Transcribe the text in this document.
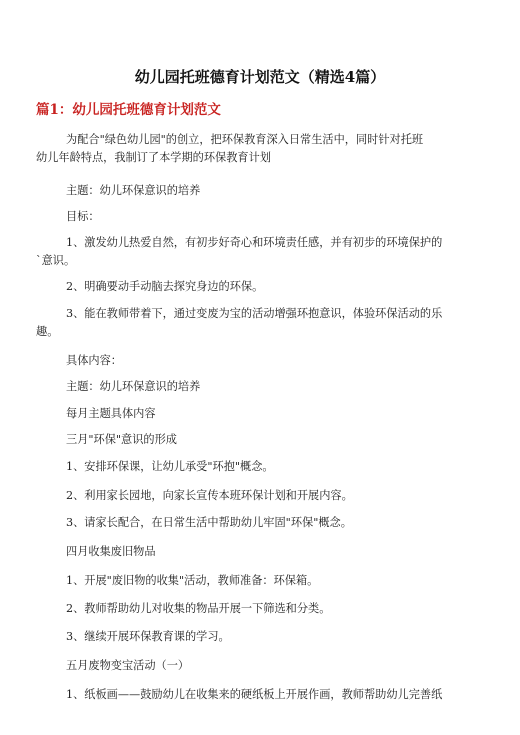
幼儿园托班德育计划范文（精选4篇）
篇1：幼儿园托班德育计划范文
为配合"绿色幼儿园"的创立，把环保教育深入日常生活中，同时针对托班
幼儿年龄特点，我制订了本学期的环保教育计划
主题：幼儿环保意识的培养
目标：
1、激发幼儿热爱自然，有初步好奇心和环境责任感，并有初步的环境保护的
`意识。
2、明确要动手动脑去探究身边的环保。
3、能在教师带着下，通过变废为宝的活动增强环抱意识，体验环保活动的乐
趣。
具体内容：
主题：幼儿环保意识的培养
每月主题具体内容
三月"环保"意识的形成
1、安排环保课，让幼儿承受"环抱"概念。
2、利用家长园地，向家长宣传本班环保计划和开展内容。
3、请家长配合，在日常生活中帮助幼儿牢固"环保"概念。
四月收集废旧物品
1、开展"废旧物的收集"活动，教师准备：环保箱。
2、教师帮助幼儿对收集的物品开展一下筛选和分类。
3、继续开展环保教育课的学习。
五月废物变宝活动（一）
1、纸板画——鼓励幼儿在收集来的硬纸板上开展作画，教师帮助幼儿完善纸
